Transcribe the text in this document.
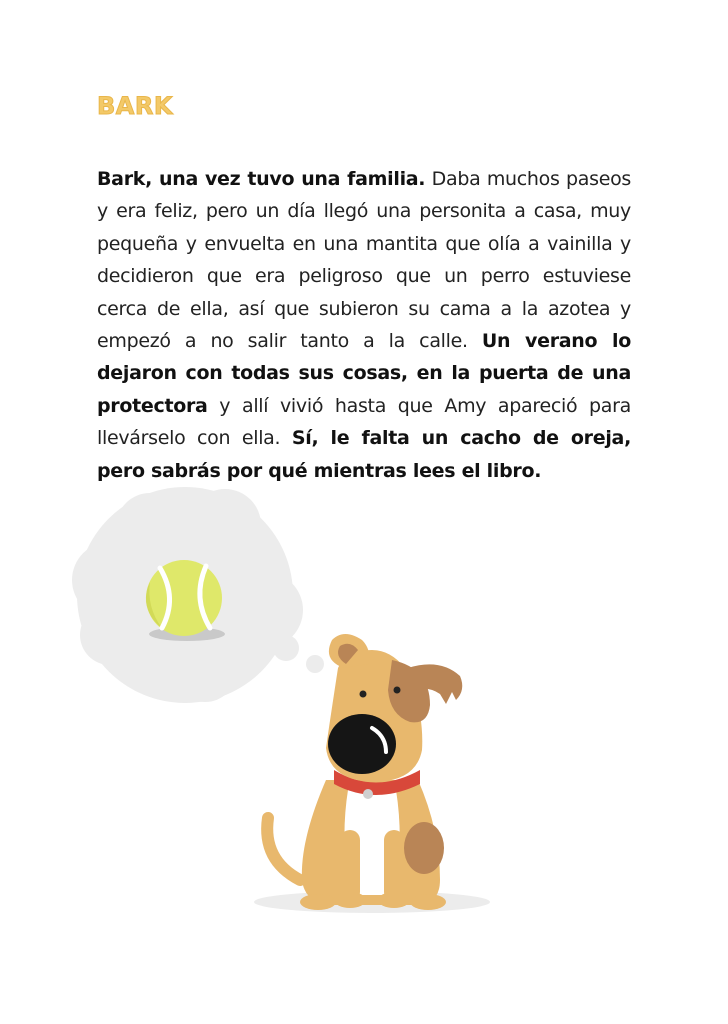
BARK

Bark, una vez tuvo una familia. Daba muchos paseos y era feliz, pero un día llegó una personita a casa, muy pequeña y envuelta en una mantita que olía a vainilla y decidieron que era peligroso que un perro estuviese cerca de ella, así que subieron su cama a la azotea y empezó a no salir tanto a la calle. Un verano lo dejaron con todas sus cosas, en la puerta de una protectora y allí vivió hasta que Amy apareció para llevárselo con ella. Sí, le falta un cacho de oreja, pero sabrás por qué mientras lees el libro.
